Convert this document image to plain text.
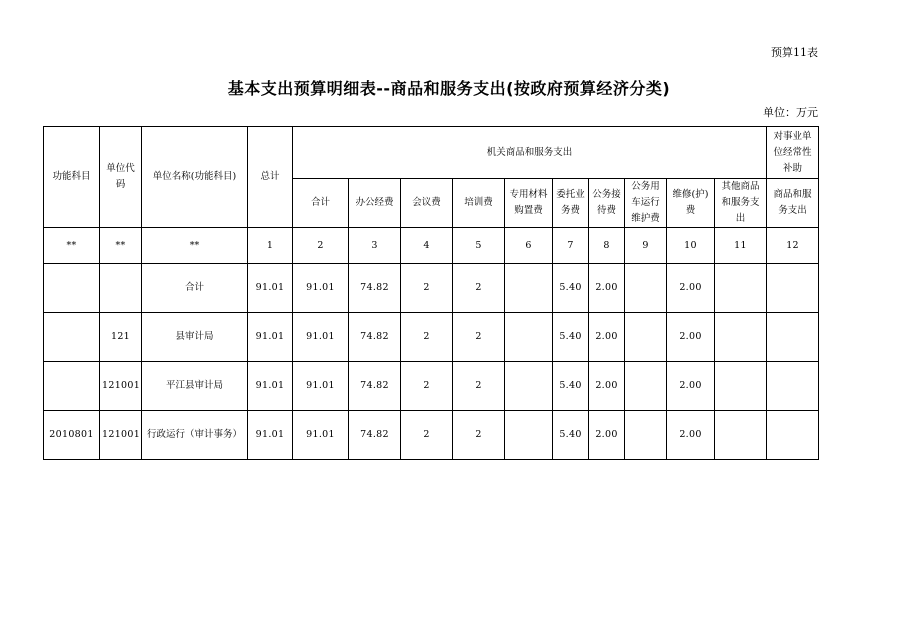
预算11表
基本支出预算明细表--商品和服务支出(按政府预算经济分类)
单位：万元
功能科目	单位代码	单位名称(功能科目)	总计	机关商品和服务支出										对事业单位经常性补助
				合计	办公经费	会议费	培训费	专用材料购置费	委托业务费	公务接待费	公务用车运行维护费	维修(护)费	其他商品和服务支出	商品和服务支出
**	**	**	1	2	3	4	5	6	7	8	9	10	11	12
		合计	91.01	91.01	74.82	2	2		5.40	2.00		2.00		
	121	县审计局	91.01	91.01	74.82	2	2		5.40	2.00		2.00		
	121001	平江县审计局	91.01	91.01	74.82	2	2		5.40	2.00		2.00		
2010801	121001	行政运行（审计事务）	91.01	91.01	74.82	2	2		5.40	2.00		2.00		
